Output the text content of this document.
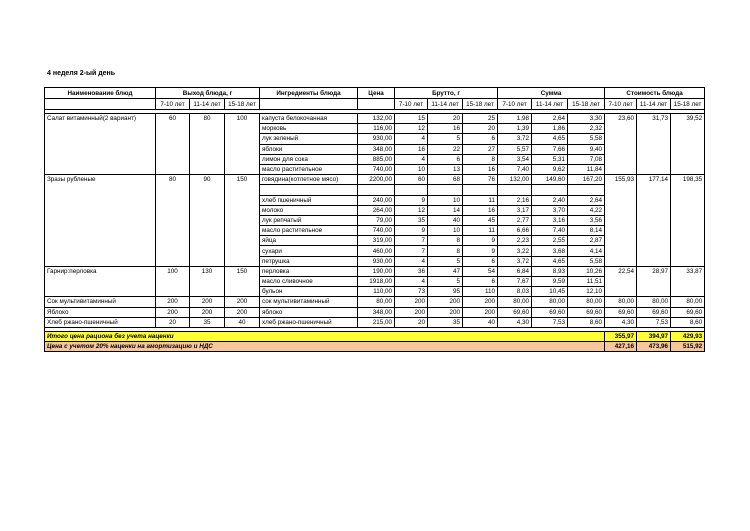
4 неделя 2-ый день
Наименование блюд	Выход блюда, г			Ингредиенты блюда	Цена	Брутто, г			Сумма			Стоимость блюда		
	7-10 лет	11-14 лет	15-18 лет			7-10 лет	11-14 лет	15-18 лет	7-10 лет	11-14 лет	15-18 лет	7-10 лет	11-14 лет	15-18 лет

Салат витаминный(2 вариант)	60	80	100	капуста белокочанная	132,00	15	20	25	1,98	2,64	3,30	23,60	31,73	39,52
				морковь	116,00	12	16	20	1,39	1,86	2,32			
				лук зеленый	930,00	4	5	6	3,72	4,65	5,58			
				яблоки	348,00	16	22	27	5,57	7,66	9,40			
				лимон для сока	885,00	4	6	8	3,54	5,31	7,08			
				масло растительное	740,00	10	13	16	7,40	9,62	11,84			
Зразы рубленые	80	90	150	говядина(котлетное мясо)	2200,00	60	68	76	132,00	149,60	167,20	155,93	177,14	198,35

				хлеб пшеничный	240,00	9	10	11	2,16	2,40	2,64			
				молоко	264,00	12	14	16	3,17	3,70	4,22			
				лук репчатый	79,00	35	40	45	2,77	3,16	3,56			
				масло растительное	740,00	9	10	11	6,66	7,40	8,14			
				яйца	319,00	7	8	9	2,23	2,55	2,87			
				сухари	460,00	7	8	9	3,22	3,68	4,14			
				петрушка	930,00	4	5	6	3,72	4,65	5,58			
Гарнир:перловка	100	130	150	перловка	190,00	36	47	54	6,84	8,93	10,26	22,54	28,97	33,87
				масло сливочное	1918,00	4	5	6	7,67	9,59	11,51			
				бульон	110,00	73	95	110	8,03	10,45	12,10			
Сок мультивитаминный	200	200	200	сок мультивитаминный	80,00	200	200	200	80,00	80,00	80,00	80,00	80,00	80,00
Яблоко	200	200	200	яблоко	348,00	200	200	200	69,60	69,60	69,60	69,60	69,60	69,60
Хлеб ржано-пшеничный	20	35	40	хлеб ржано-пшеничный	215,00	20	35	40	4,30	7,53	8,60	4,30	7,53	8,60

Итого цена рациона без учета наценки												355,97	394,97	429,93
Цена с учетом 20% наценки на амортизацию и НДС												427,16	473,96	515,92
